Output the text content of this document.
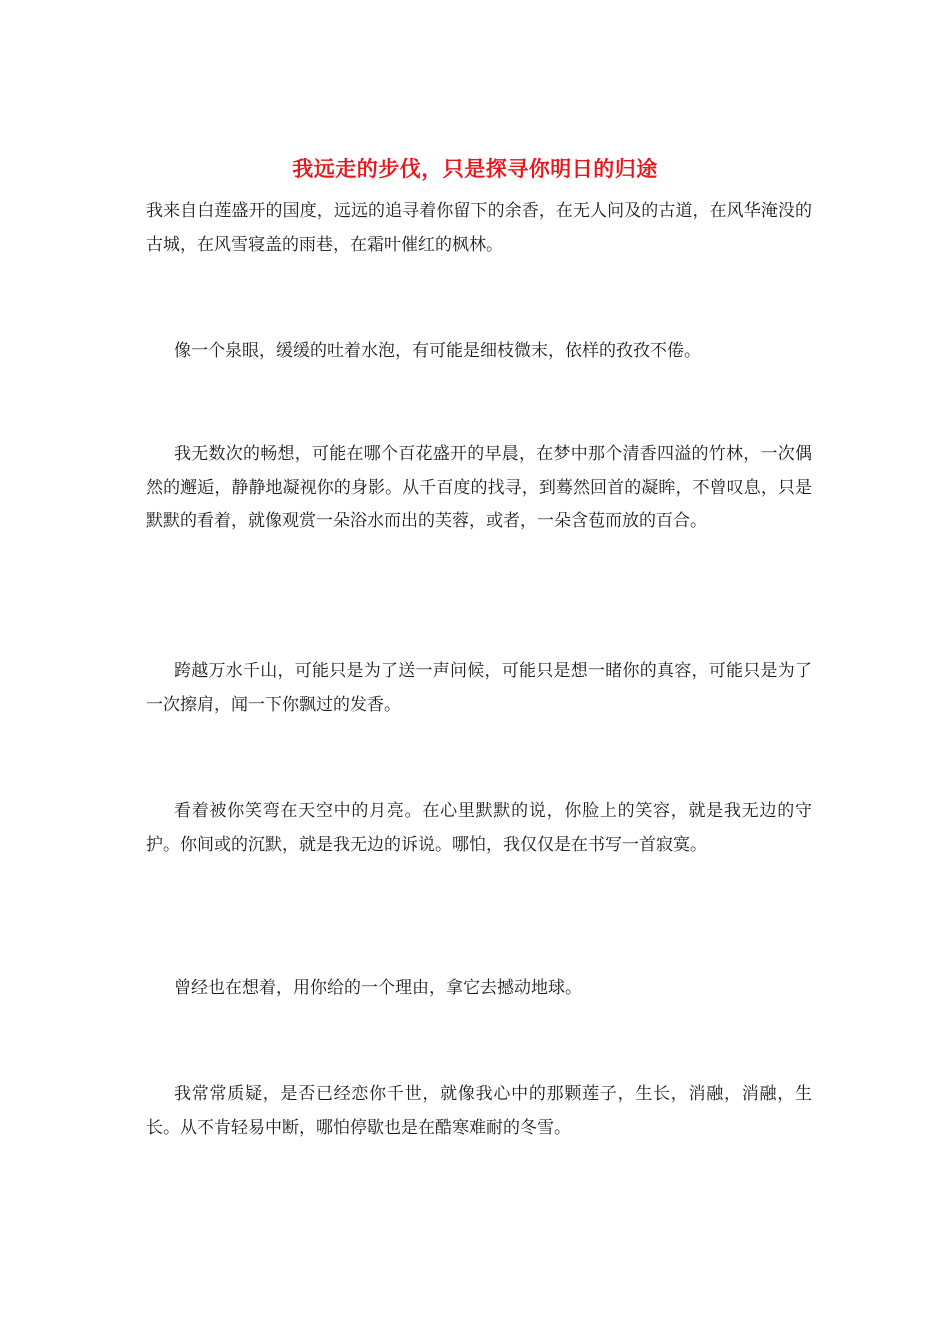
我远走的步伐，只是探寻你明日的归途

我来自白莲盛开的国度，远远的追寻着你留下的余香，在无人问及的古道，在风华淹没的古城，在风雪寝盖的雨巷，在霜叶催红的枫林。

像一个泉眼，缓缓的吐着水泡，有可能是细枝微末，依样的孜孜不倦。

我无数次的畅想，可能在哪个百花盛开的早晨，在梦中那个清香四溢的竹林，一次偶然的邂逅，静静地凝视你的身影。从千百度的找寻，到蓦然回首的凝眸，不曾叹息，只是默默的看着，就像观赏一朵浴水而出的芙蓉，或者，一朵含苞而放的百合。

跨越万水千山，可能只是为了送一声问候，可能只是想一睹你的真容，可能只是为了一次擦肩，闻一下你飘过的发香。

看着被你笑弯在天空中的月亮。在心里默默的说，你脸上的笑容，就是我无边的守护。你间或的沉默，就是我无边的诉说。哪怕，我仅仅是在书写一首寂寞。

曾经也在想着，用你给的一个理由，拿它去撼动地球。

我常常质疑，是否已经恋你千世，就像我心中的那颗莲子，生长，消融，消融，生长。从不肯轻易中断，哪怕停歇也是在酷寒难耐的冬雪。
